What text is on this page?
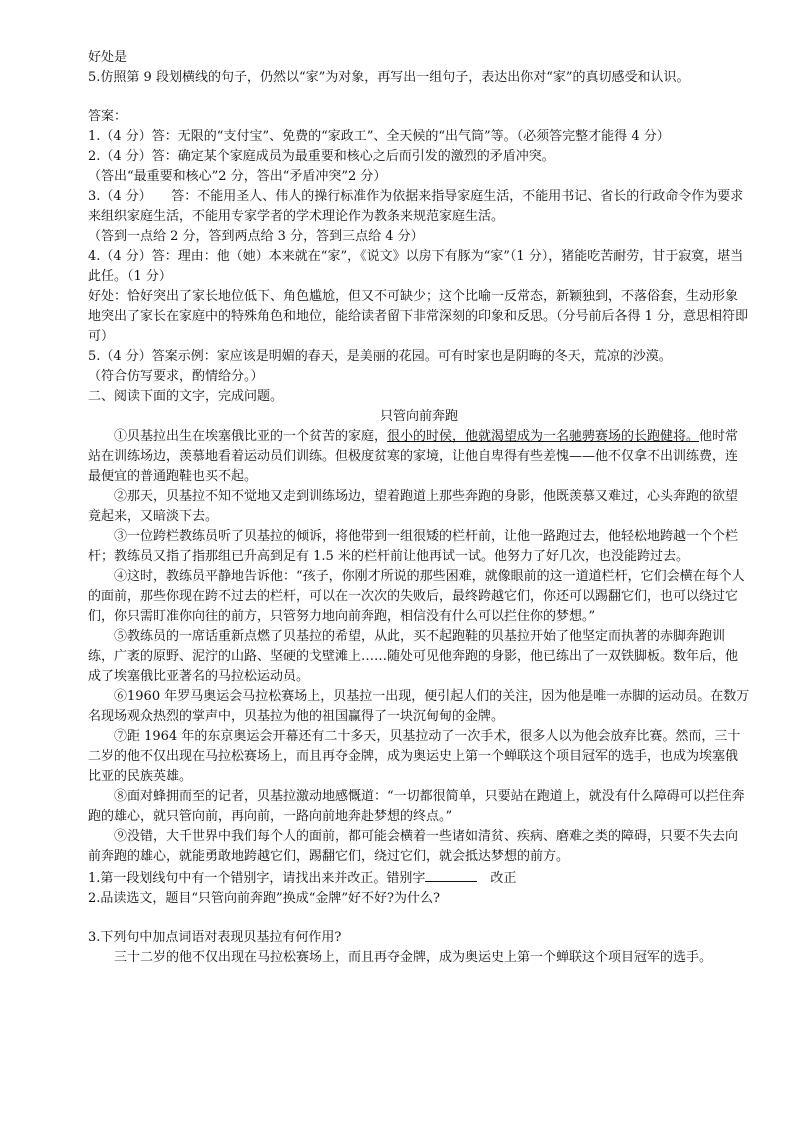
好处是

5.仿照第 9 段划横线的句子，仍然以“家”为对象，再写出一组句子，表达出你对“家”的真切感受和认识。

答案：

1.（4 分）答：无限的“支付宝”、免费的“家政工”、全天候的“出气筒”等。（必须答完整才能得 4 分）

2.（4 分）答：确定某个家庭成员为最重要和核心之后而引发的激烈的矛盾冲突。

（答出“最重要和核心”2 分，答出“矛盾冲突”2 分）

3.（4 分）　　答：不能用圣人、伟人的操行标准作为依据来指导家庭生活，不能用书记、省长的行政命令作为要求来组织家庭生活，不能用专家学者的学术理论作为教条来规范家庭生活。

（答到一点给 2 分，答到两点给 3 分，答到三点给 4 分）

4.（4 分）答：理由：他（她）本来就在“家”，《说文》以房下有豚为“家”（1 分），猪能吃苦耐劳，甘于寂寞，堪当此任。（1 分）

好处：恰好突出了家长地位低下、角色尴尬，但又不可缺少；这个比喻一反常态，新颖独到，不落俗套，生动形象地突出了家长在家庭中的特殊角色和地位，能给读者留下非常深刻的印象和反思。（分号前后各得 1 分，意思相符即可）

5.（4 分）答案示例：家应该是明媚的春天，是美丽的花园。可有时家也是阴晦的冬天，荒凉的沙漠。

（符合仿写要求，酌情给分。）

二、阅读下面的文字，完成问题。

只管向前奔跑

①贝基拉出生在埃塞俄比亚的一个贫苦的家庭，很小的时侯，他就渴望成为一名驰骋赛场的长跑健将。他时常站在训练场边，羡慕地看着运动员们训练。但极度贫寒的家境，让他自卑得有些差愧——他不仅拿不出训练费，连最便宜的普通跑鞋也买不起。

②那天，贝基拉不知不觉地又走到训练场边，望着跑道上那些奔跑的身影，他既羡慕又难过，心头奔跑的欲望竟起来，又暗淡下去。

③一位跨栏教练员听了贝基拉的倾诉，将他带到一组很矮的栏杆前，让他一路跑过去，他轻松地跨越一个个栏杆；教练员又指了指那组已升高到足有 1.5 米的栏杆前让他再试一试。他努力了好几次，也没能跨过去。

④这时，教练员平静地告诉他：“孩子，你刚才所说的那些困难，就像眼前的这一道道栏杆，它们会横在每个人的面前，那些你现在跨不过去的栏杆，可以在一次次的失败后，最终跨越它们，你还可以踢翻它们，也可以绕过它们，你只需盯准你向往的前方，只管努力地向前奔跑，相信没有什么可以拦住你的梦想。”

⑤教练员的一席话重新点燃了贝基拉的希望，从此，买不起跑鞋的贝基拉开始了他坚定而执著的赤脚奔跑训练，广袤的原野、泥泞的山路、坚硬的戈壁滩上……随处可见他奔跑的身影，他已练出了一双铁脚板。数年后，他成了埃塞俄比亚著名的马拉松运动员。

⑥1960 年罗马奥运会马拉松赛场上，贝基拉一出现，便引起人们的关注，因为他是唯一赤脚的运动员。在数万名现场观众热烈的掌声中，贝基拉为他的祖国赢得了一块沉甸甸的金牌。

⑦距 1964 年的东京奥运会开幕还有二十多天，贝基拉动了一次手术，很多人以为他会放弃比赛。然而，三十二岁的他不仅出现在马拉松赛场上，而且再夺金牌，成为奥运史上第一个蝉联这个项目冠军的选手，也成为埃塞俄比亚的民族英雄。

⑧面对蜂拥而至的记者，贝基拉激动地感慨道：“一切都很简单，只要站在跑道上，就没有什么障碍可以拦住奔跑的雄心，就只管向前，再向前，一路向前地奔赴梦想的终点。”

⑨没错，大千世界中我们每个人的面前，都可能会横着一些诸如清贫、疾病、磨难之类的障碍，只要不失去向前奔跑的雄心，就能勇敢地跨越它们，踢翻它们，绕过它们，就会抵达梦想的前方。

1.第一段划线句中有一个错别字，请找出来并改正。错别字	　改正

2.品读选文，题目“只管向前奔跑”换成“金牌”好不好?为什么?

3.下列句中加点词语对表现贝基拉有何作用?

三十二岁的他不仅出现在马拉松赛场上，而且再夺金牌，成为奥运史上第一个蝉联这个项目冠军的选手。
